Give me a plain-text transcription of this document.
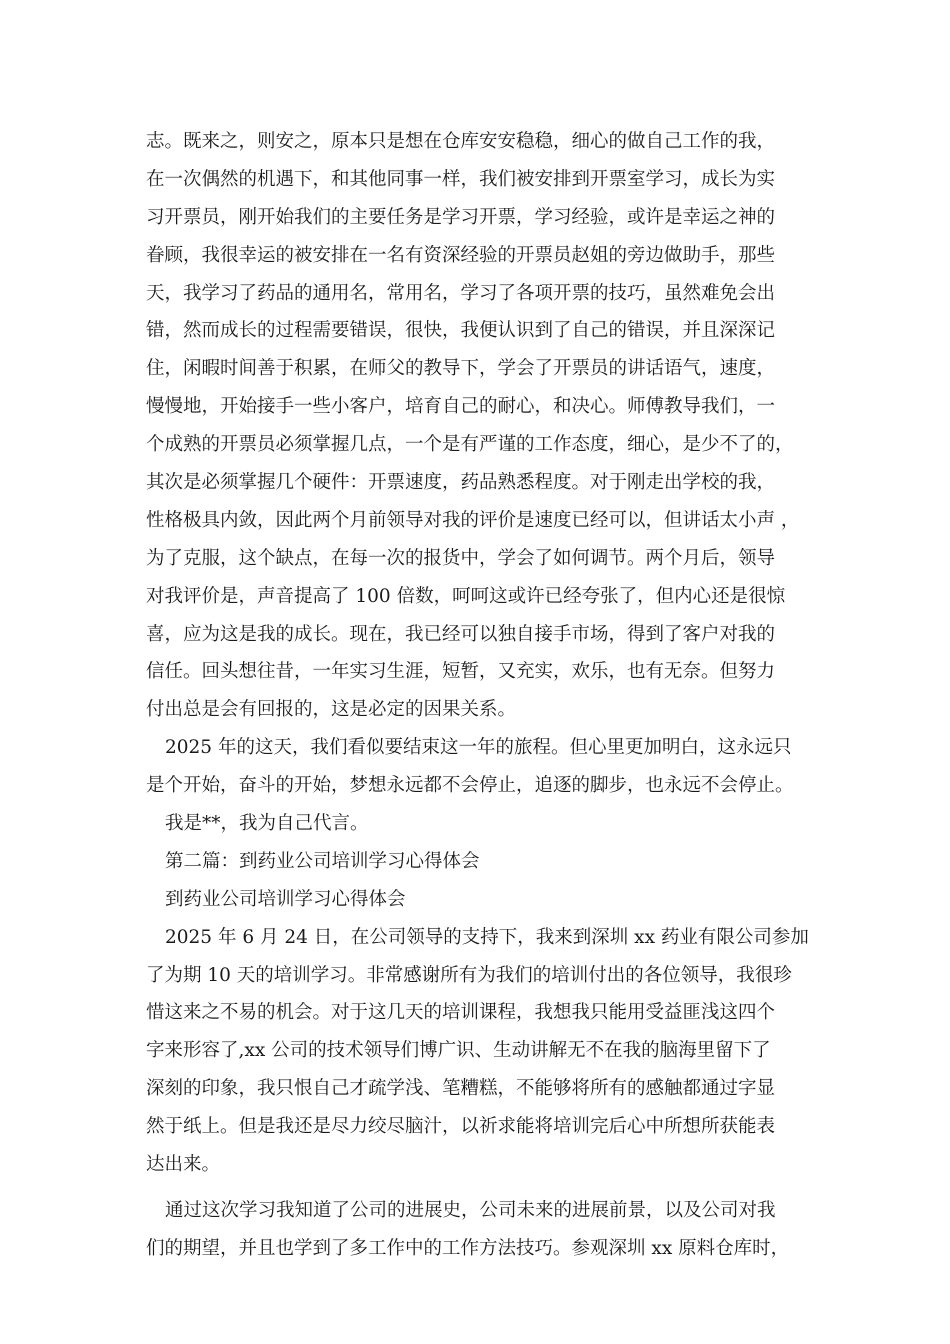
志。既来之，则安之，原本只是想在仓库安安稳稳，细心的做自己工作的我，
在一次偶然的机遇下，和其他同事一样，我们被安排到开票室学习，成长为实
习开票员，刚开始我们的主要任务是学习开票，学习经验，或许是幸运之神的
眷顾，我很幸运的被安排在一名有资深经验的开票员赵姐的旁边做助手，那些
天，我学习了药品的通用名，常用名，学习了各项开票的技巧，虽然难免会出
错，然而成长的过程需要错误，很快，我便认识到了自己的错误，并且深深记
住，闲暇时间善于积累，在师父的教导下，学会了开票员的讲话语气，速度，
慢慢地，开始接手一些小客户，培育自己的耐心，和决心。师傅教导我们，一
个成熟的开票员必须掌握几点，一个是有严谨的工作态度，细心，是少不了的，
其次是必须掌握几个硬件：开票速度，药品熟悉程度。对于刚走出学校的我，
性格极具内敛，因此两个月前领导对我的评价是速度已经可以，但讲话太小声 ，
为了克服，这个缺点，在每一次的报货中，学会了如何调节。两个月后，领导
对我评价是，声音提高了 100 倍数，呵呵这或许已经夸张了，但内心还是很惊
喜，应为这是我的成长。现在，我已经可以独自接手市场，得到了客户对我的
信任。回头想往昔，一年实习生涯，短暂，又充实，欢乐，也有无奈。但努力
付出总是会有回报的，这是必定的因果关系。
2025 年的这天，我们看似要结束这一年的旅程。但心里更加明白，这永远只
是个开始，奋斗的开始，梦想永远都不会停止，追逐的脚步，也永远不会停止。
我是**，我为自己代言。
第二篇：到药业公司培训学习心得体会
到药业公司培训学习心得体会
2025 年 6 月 24 日，在公司领导的支持下，我来到深圳 xx 药业有限公司参加
了为期 10 天的培训学习。非常感谢所有为我们的培训付出的各位领导，我很珍
惜这来之不易的机会。对于这几天的培训课程，我想我只能用受益匪浅这四个
字来形容了,xx 公司的技术领导们博广识、生动讲解无不在我的脑海里留下了
深刻的印象，我只恨自己才疏学浅、笔糟糕，不能够将所有的感触都通过字显
然于纸上。但是我还是尽力绞尽脑汁，以祈求能将培训完后心中所想所获能表
达出来。
通过这次学习我知道了公司的进展史，公司未来的进展前景，以及公司对我
们的期望，并且也学到了多工作中的工作方法技巧。参观深圳 xx 原料仓库时，
